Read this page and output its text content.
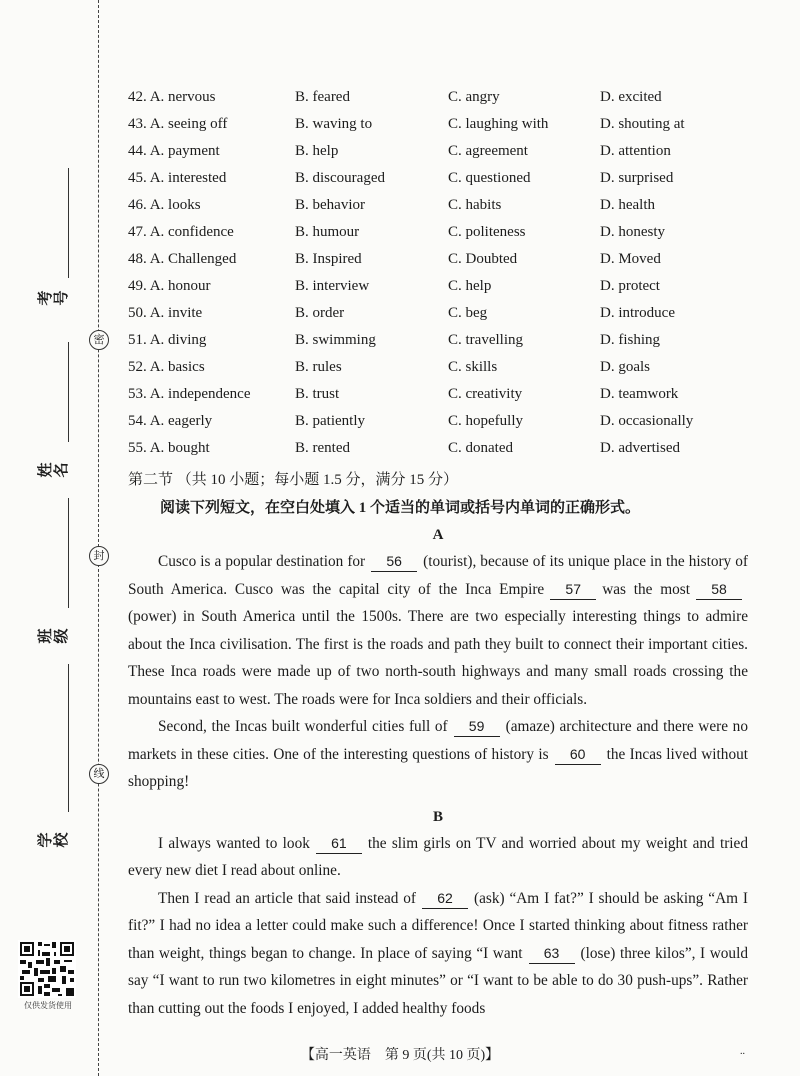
密
封
线
考号
姓名
班级
学校
仅供发货使用
42. A. nervous	B. feared	C. angry	D. excited
43. A. seeing off	B. waving to	C. laughing with	D. shouting at
44. A. payment	B. help	C. agreement	D. attention
45. A. interested	B. discouraged	C. questioned	D. surprised
46. A. looks	B. behavior	C. habits	D. health
47. A. confidence	B. humour	C. politeness	D. honesty
48. A. Challenged	B. Inspired	C. Doubted	D. Moved
49. A. honour	B. interview	C. help	D. protect
50. A. invite	B. order	C. beg	D. introduce
51. A. diving	B. swimming	C. travelling	D. fishing
52. A. basics	B. rules	C. skills	D. goals
53. A. independence	B. trust	C. creativity	D. teamwork
54. A. eagerly	B. patiently	C. hopefully	D. occasionally
55. A. bought	B. rented	C. donated	D. advertised
第二节 （共 10 小题；每小题 1.5 分，满分 15 分）
阅读下列短文，在空白处填入 1 个适当的单词或括号内单词的正确形式。
A

Cusco is a popular destination for 56 (tourist), because of its unique place in the history of South America. Cusco was the capital city of the Inca Empire 57 was the most 58(power) in South America until the 1500s. There are two especially interesting things to admire about the Inca civilisation. The first is the roads and path they built to connect their important cities. These Inca roads were made up of two north-south highways and many small roads crossing the mountains east to west. The roads were for Inca soldiers and their officials.

Second, the Incas built wonderful cities full of 59 (amaze) architecture and there were no markets in these cities. One of the interesting questions of history is 60 the Incas lived without shopping!

B

I always wanted to look 61 the slim girls on TV and worried about my weight and tried every new diet I read about online.

Then I read an article that said instead of 62 (ask) “Am I fat?” I should be asking “Am I fit?” I had no idea a letter could make such a difference! Once I started thinking about fitness rather than weight, things began to change. In place of saying “I want 63 (lose) three kilos”, I would say “I want to run two kilometres in eight minutes” or “I want to be able to do 30 push-ups”. Rather than cutting out the foods I enjoyed, I added healthy foods

【高一英语　第 9 页(共 10 页)】	..
